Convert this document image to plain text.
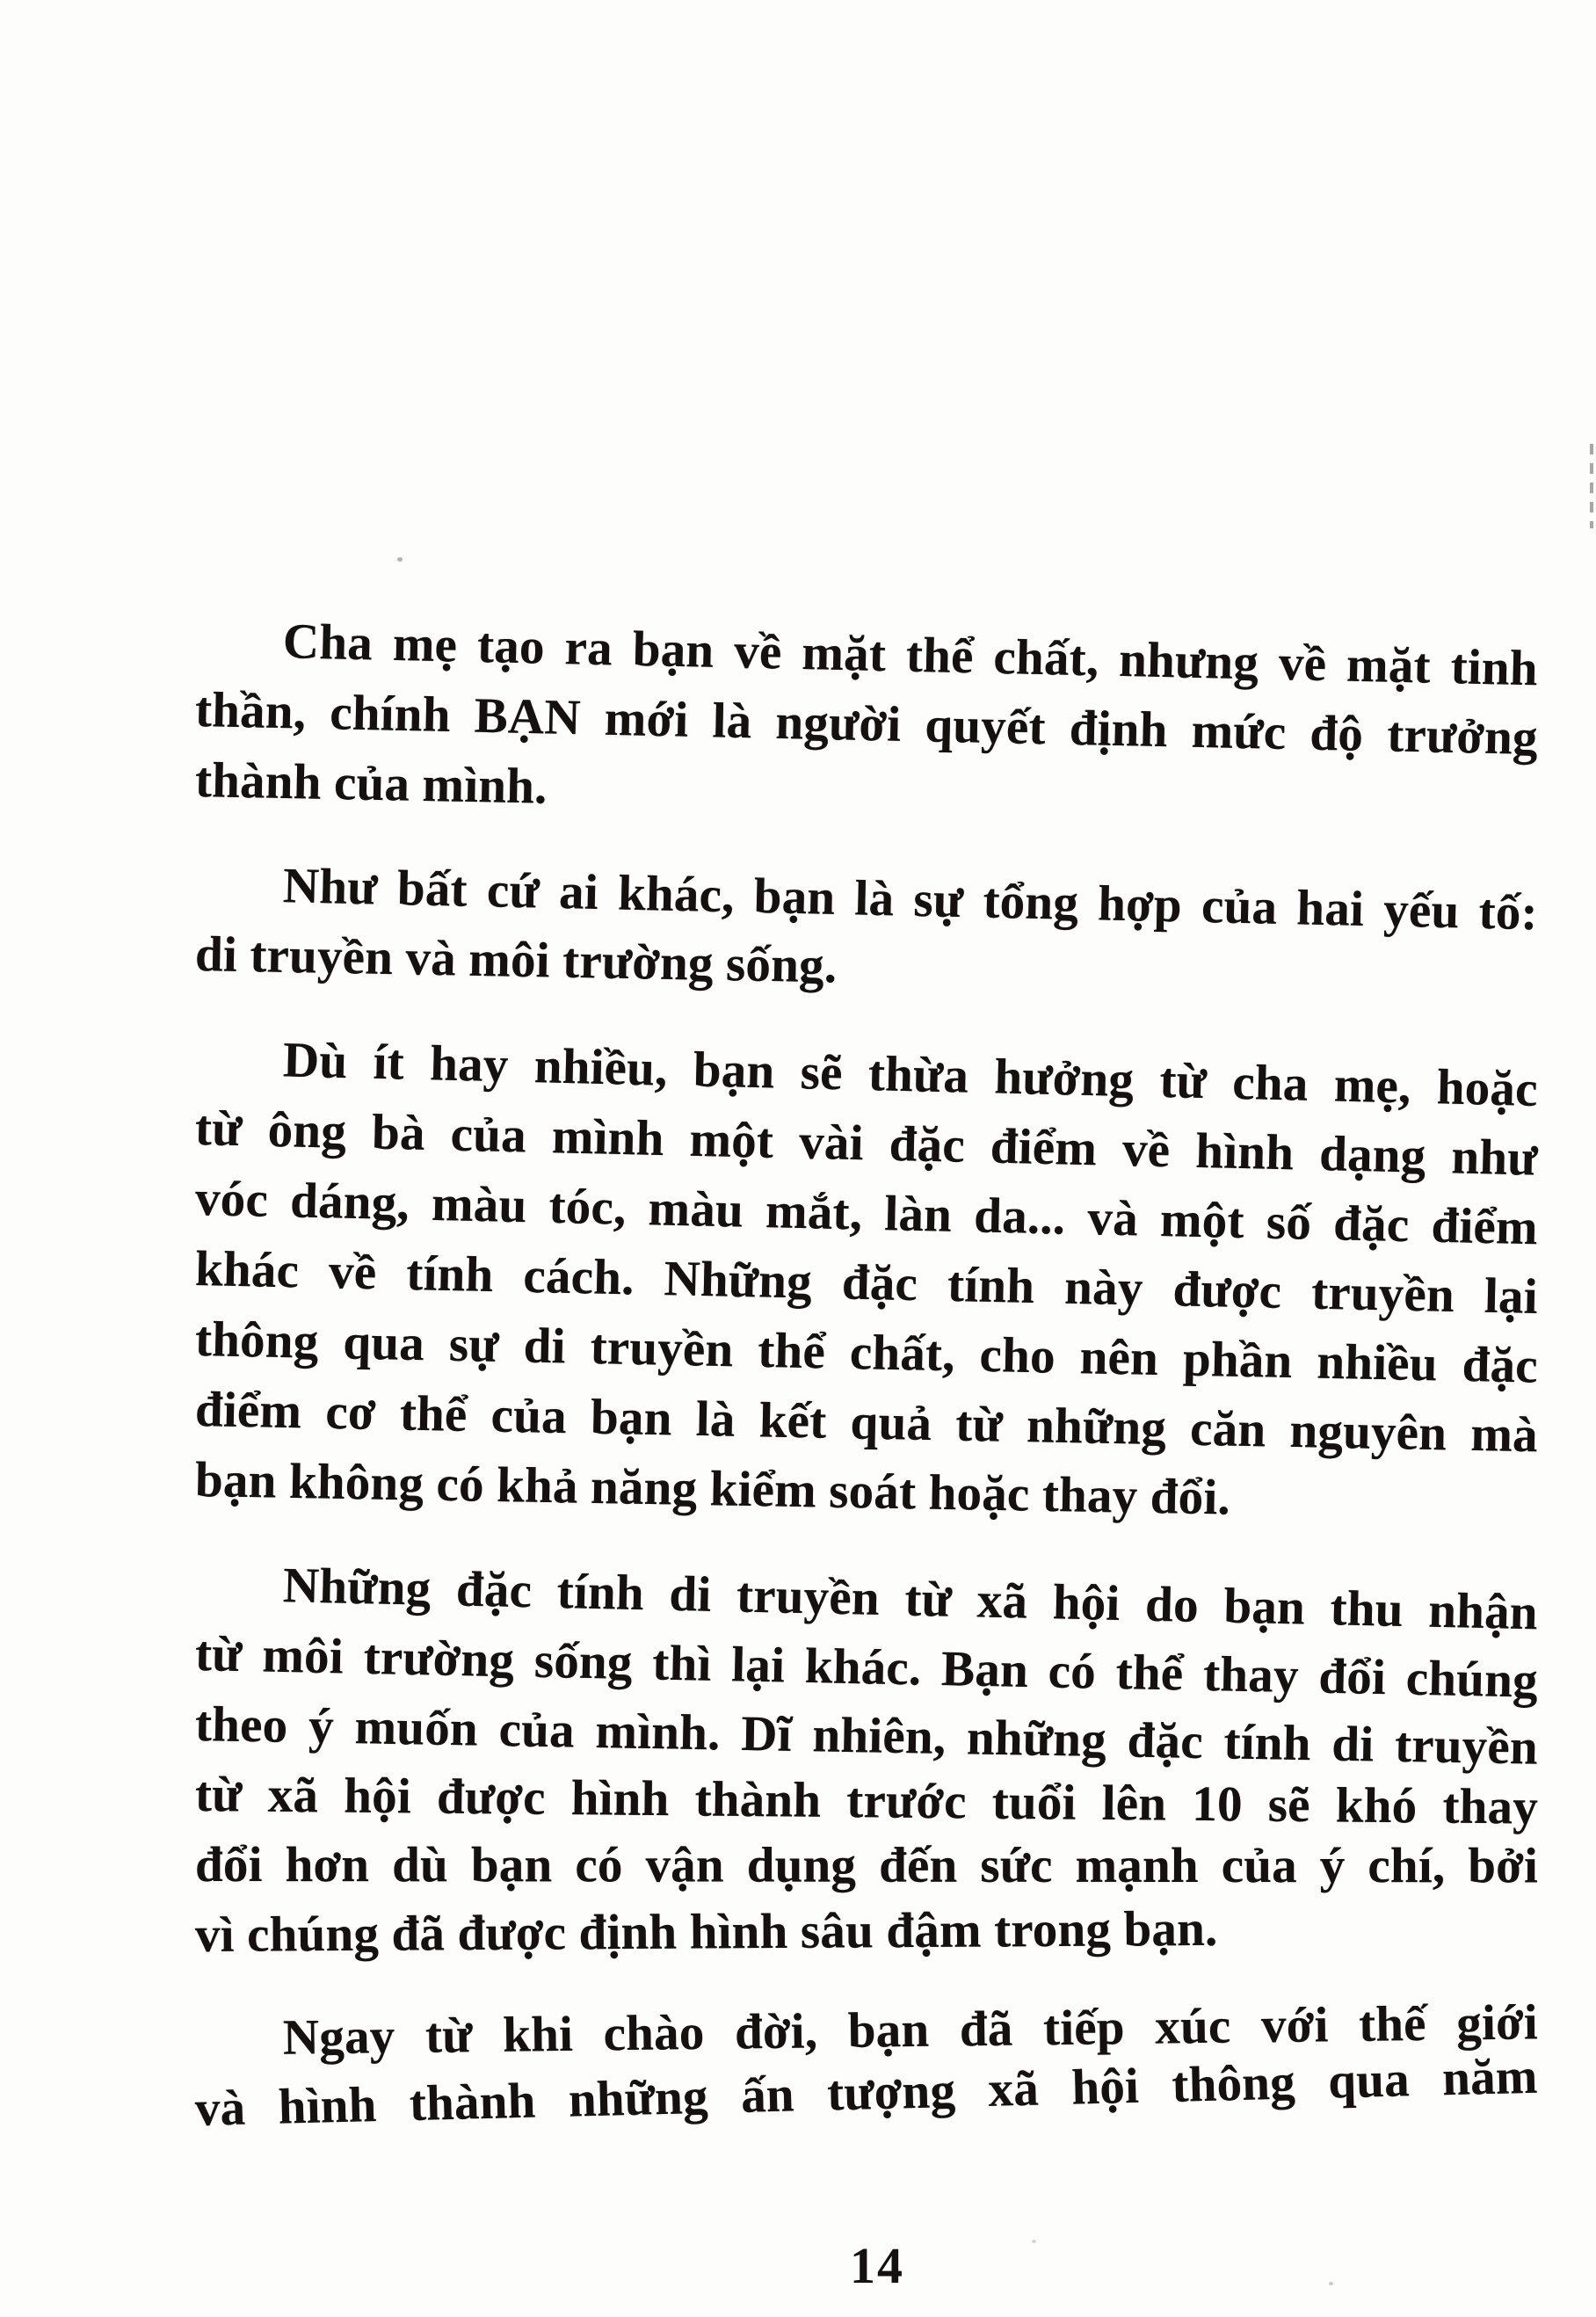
Cha mẹ tạo ra bạn về mặt thể chất, nhưng về mặt tinh
thần, chính BẠN mới là người quyết định mức độ trưởng
thành của mình.
Như bất cứ ai khác, bạn là sự tổng hợp của hai yếu tố:
di truyền và môi trường sống.
Dù ít hay nhiều, bạn sẽ thừa hưởng từ cha mẹ, hoặc
từ ông bà của mình một vài đặc điểm về hình dạng như
vóc dáng, màu tóc, màu mắt, làn da... và một số đặc điểm
khác về tính cách. Những đặc tính này được truyền lại
thông qua sự di truyền thể chất, cho nên phần nhiều đặc
điểm cơ thể của bạn là kết quả từ những căn nguyên mà
bạn không có khả năng kiểm soát hoặc thay đổi.
Những đặc tính di truyền từ xã hội do bạn thu nhận
từ môi trường sống thì lại khác. Bạn có thể thay đổi chúng
theo ý muốn của mình. Dĩ nhiên, những đặc tính di truyền
từ xã hội được hình thành trước tuổi lên 10 sẽ khó thay
đổi hơn dù bạn có vận dụng đến sức mạnh của ý chí, bởi
vì chúng đã được định hình sâu đậm trong bạn.
Ngay từ khi chào đời, bạn đã tiếp xúc với thế giới
và hình thành những ấn tượng xã hội thông qua năm
14
